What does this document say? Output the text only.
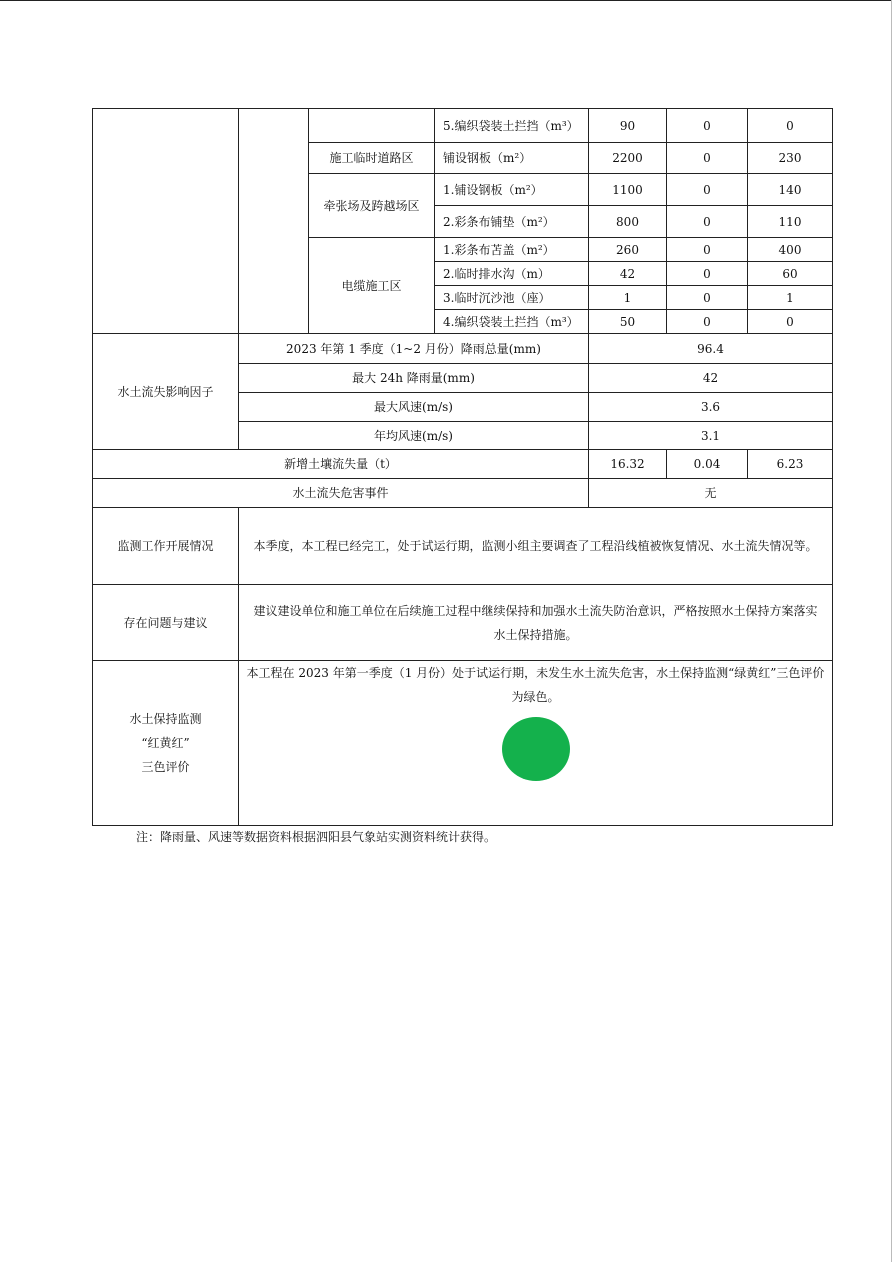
			5.编织袋装土拦挡（m³）	90	0	0
		施工临时道路区	铺设钢板（m²）	2200	0	230
		牵张场及跨越场区	1.铺设钢板（m²）	1100	0	140
			2.彩条布铺垫（m²）	800	0	110
		电缆施工区	1.彩条布苫盖（m²）	260	0	400
			2.临时排水沟（m）	42	0	60
			3.临时沉沙池（座）	1	0	1
			4.编织袋装土拦挡（m³）	50	0	0
水土流失影响因子	2023 年第 1 季度（1~2 月份）降雨总量(mm)			96.4		
	最大 24h 降雨量(mm)			42		
	最大风速(m/s)			3.6		
	年均风速(m/s)			3.1		
新增土壤流失量（t）				16.32	0.04	6.23
水土流失危害事件				无		
监测工作开展情况	本季度，本工程已经完工，处于试运行期，监测小组主要调查了工程沿线植被恢复情况、水土流失情况等。					

存在问题与建议	建议建设单位和施工单位在后续施工过程中继续保持和加强水土流失防治意识，严格按照水土保持方案落实水土保持措施。					

水土保持监测
“红黄红”
三色评价	本工程在 2023 年第一季度（1 月份）处于试运行期，未发生水土流失危害，水土保持监测“绿黄红”三色评价为绿色。					
注：降雨量、风速等数据资料根据泗阳县气象站实测资料统计获得。
